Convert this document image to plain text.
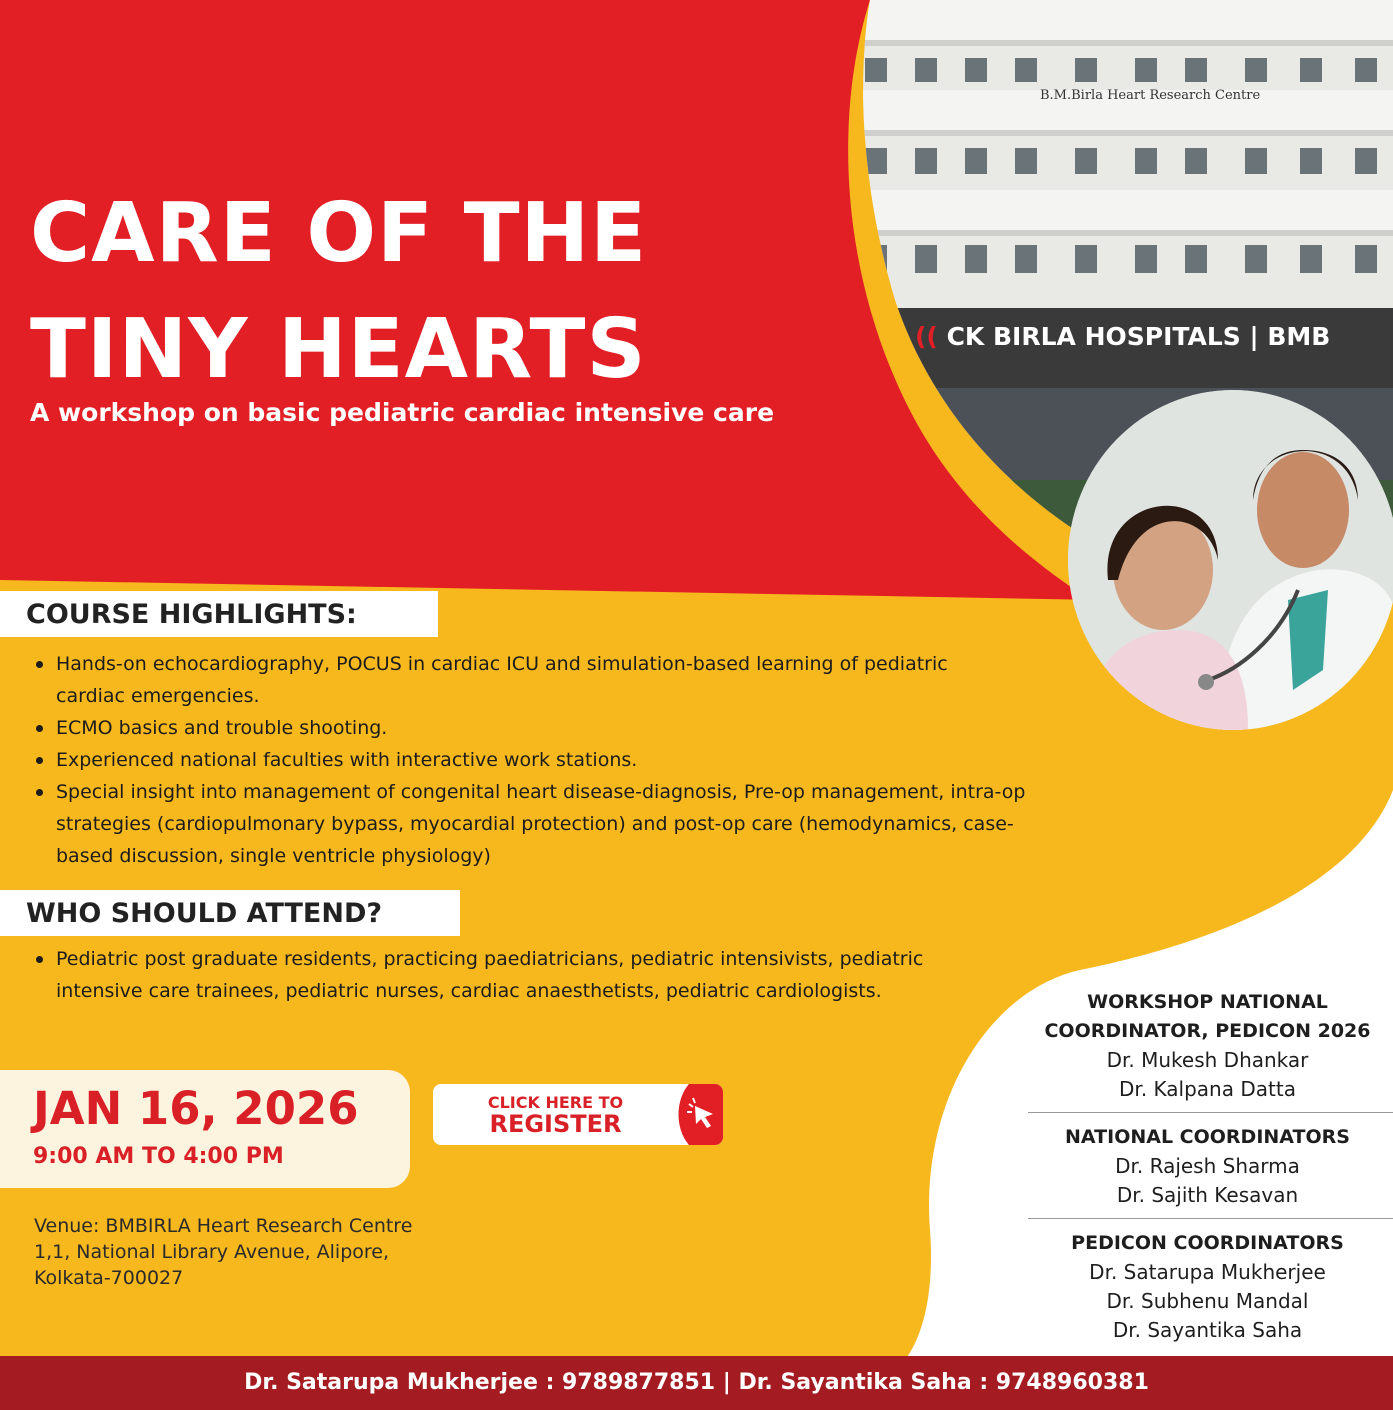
B.M.Birla Heart Research Centre
(( CK BIRLA HOSPITALS | BMB
CARE OF THE
TINY HEARTS
A workshop on basic pediatric cardiac intensive care
COURSE HIGHLIGHTS:
Hands-on echocardiography, POCUS in cardiac ICU and simulation-based learning of pediatric cardiac emergencies.
ECMO basics and trouble shooting.
Experienced national faculties with interactive work stations.
Special insight into management of congenital heart disease-diagnosis, Pre-op management, intra-op strategies (cardiopulmonary bypass, myocardial protection) and post-op care (hemodynamics, case-based discussion, single ventricle physiology)
WHO SHOULD ATTEND?
Pediatric post graduate residents, practicing paediatricians, pediatric intensivists, pediatric intensive care trainees, pediatric nurses, cardiac anaesthetists, pediatric cardiologists.
JAN 16, 2026
9:00 AM TO 4:00 PM
CLICK HERE TO
REGISTER
Venue: BMBIRLA Heart Research Centre
1,1, National Library Avenue, Alipore,
Kolkata-700027
WORKSHOP NATIONAL
COORDINATOR, PEDICON 2026
Dr. Mukesh Dhankar
Dr. Kalpana Datta
NATIONAL COORDINATORS
Dr. Rajesh Sharma
Dr. Sajith Kesavan
PEDICON COORDINATORS
Dr. Satarupa Mukherjee
Dr. Subhenu Mandal
Dr. Sayantika Saha
Dr. Satarupa Mukherjee : 9789877851 | Dr. Sayantika Saha : 9748960381
